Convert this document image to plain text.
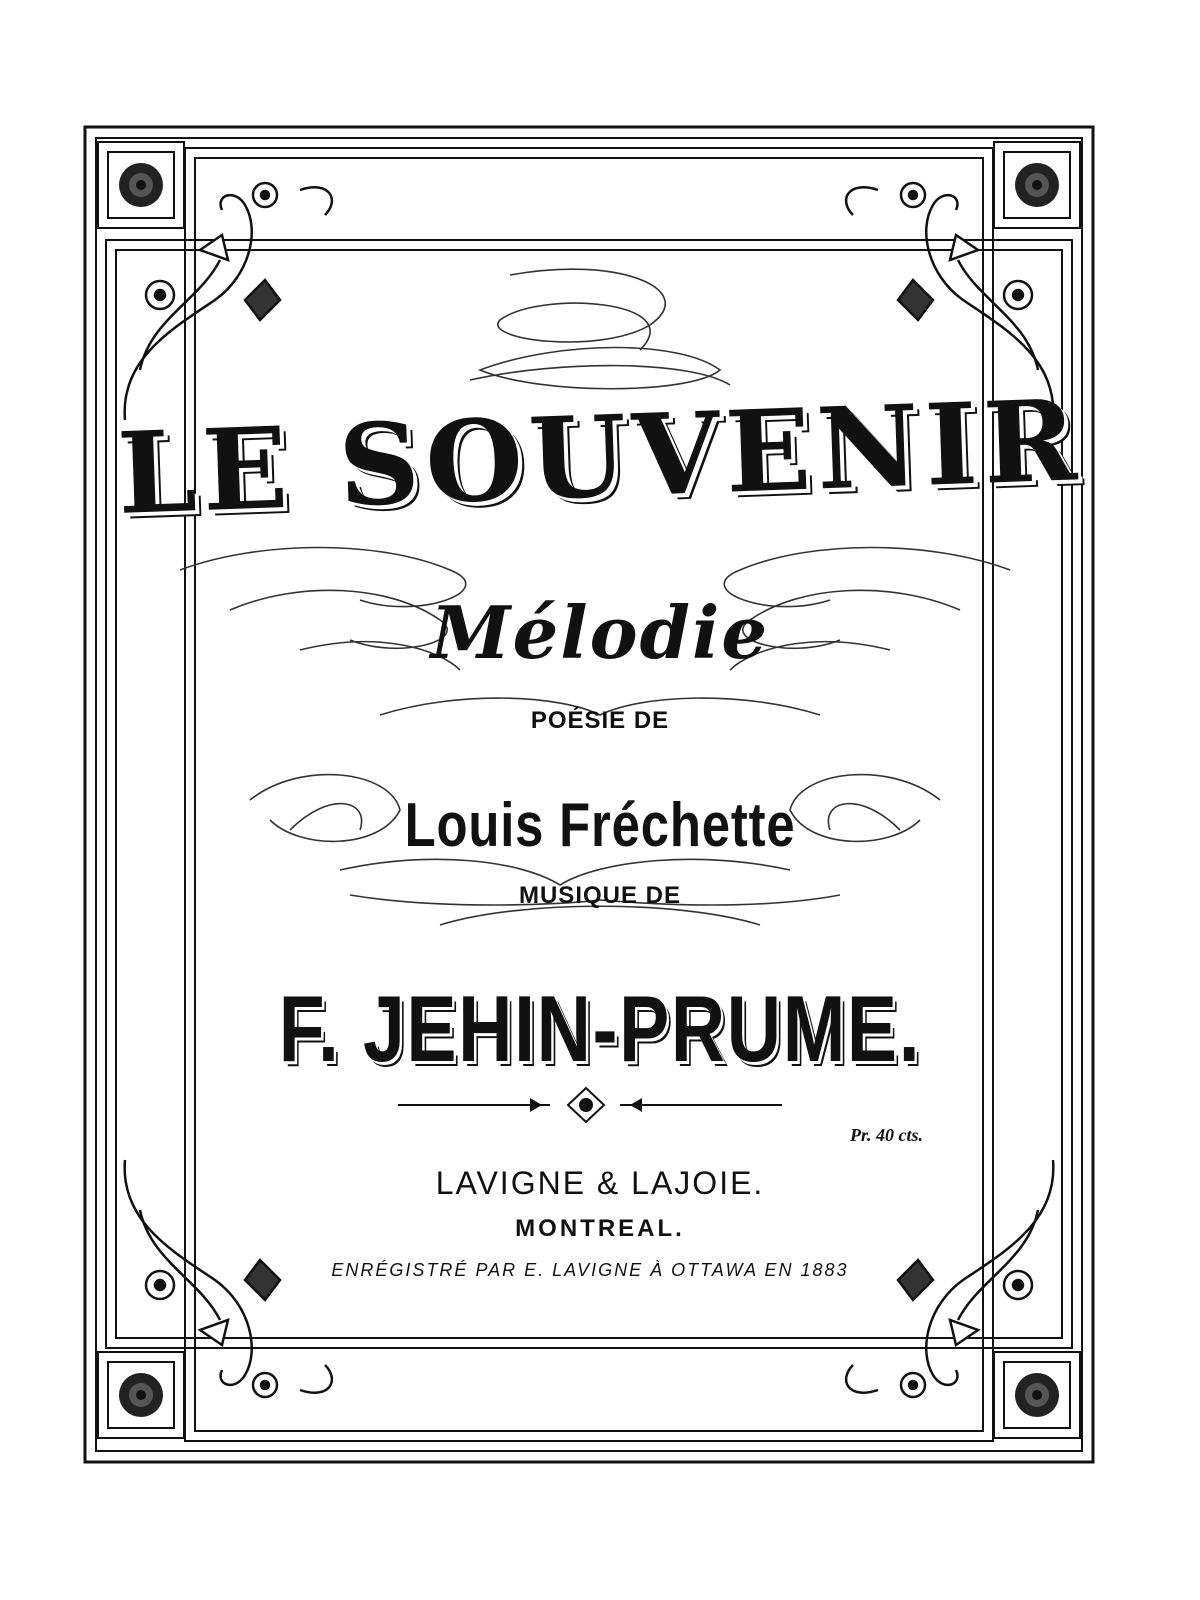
LE SOUVENIR
Mélodie
POÉSIE DE
Louis Fréchette
MUSIQUE DE
F. JEHIN-PRUME.
Pr. 40 cts.
LAVIGNE & LAJOIE.
MONTREAL.
ENRÉGISTRÉ PAR E. LAVIGNE À OTTAWA EN 1883
